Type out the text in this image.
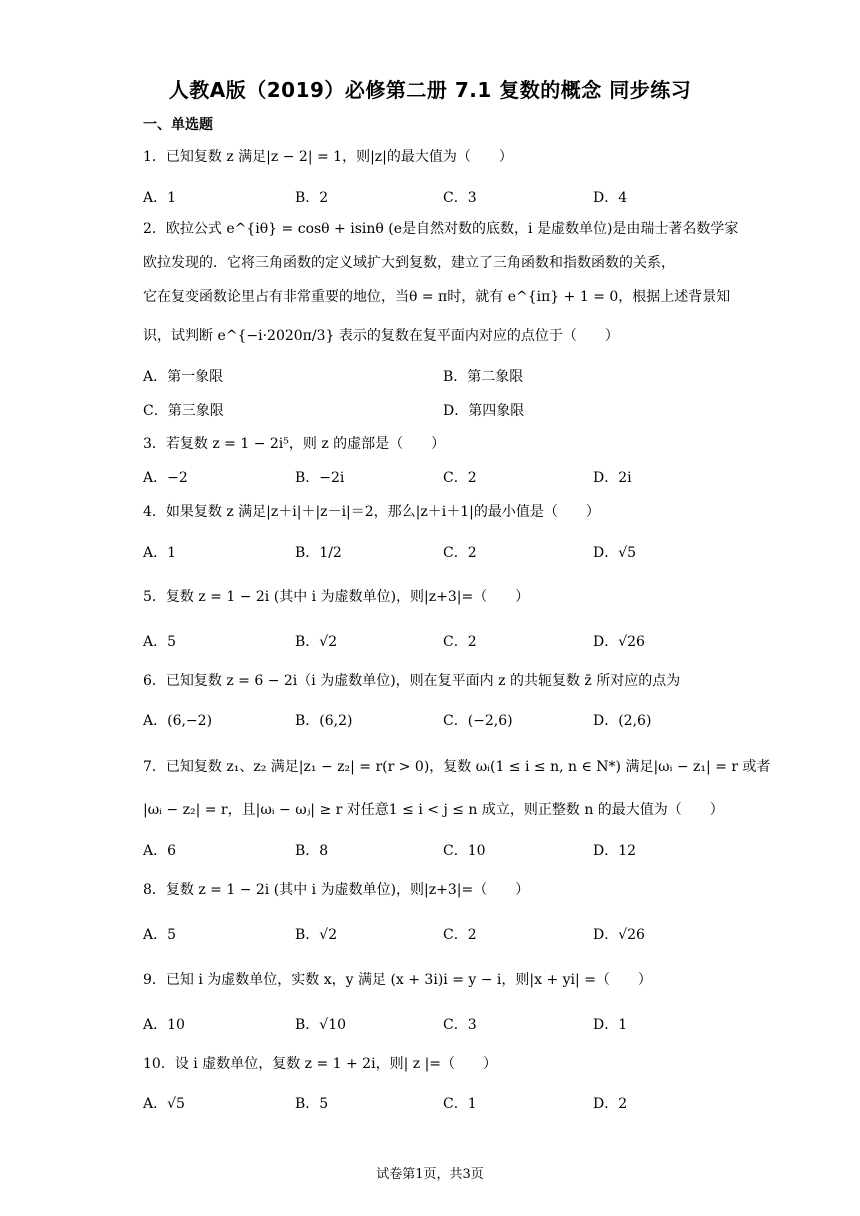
人教A版（2019）必修第二册 7.1 复数的概念 同步练习
一、单选题
1．已知复数 z 满足|z − 2| = 1，则|z|的最大值为（　　）
A．1	B．2	C．3	D．4
2．欧拉公式 e^{iθ} = cosθ + isinθ (e是自然对数的底数，i 是虚数单位)是由瑞士著名数学家
欧拉发现的．它将三角函数的定义域扩大到复数，建立了三角函数和指数函数的关系，
它在复变函数论里占有非常重要的地位，当θ = π时，就有 e^{iπ} + 1 = 0，根据上述背景知
识，试判断 e^{−i·2020π/3} 表示的复数在复平面内对应的点位于（　　）
A．第一象限	B．第二象限
C．第三象限	D．第四象限
3．若复数 z = 1 − 2i⁵，则 z 的虚部是（　　）
A．−2	B．−2i	C．2	D．2i
4．如果复数 z 满足|z＋i|＋|z－i|＝2，那么|z＋i＋1|的最小值是（　　）
A．1	B．1/2	C．2	D．√5
5．复数 z = 1 − 2i (其中 i 为虚数单位)，则|z+3|=（　　）
A．5	B．√2	C．2	D．√26
6．已知复数 z = 6 − 2i（i 为虚数单位)，则在复平面内 z 的共轭复数 z̄ 所对应的点为
A．(6,−2)	B．(6,2)	C．(−2,6)	D．(2,6)
7．已知复数 z₁、z₂ 满足|z₁ − z₂| = r(r > 0)，复数 ωᵢ(1 ≤ i ≤ n, n ∈ N*) 满足|ωᵢ − z₁| = r 或者
|ωᵢ − z₂| = r，且|ωᵢ − ωⱼ| ≥ r 对任意1 ≤ i < j ≤ n 成立，则正整数 n 的最大值为（　　）
A．6	B．8	C．10	D．12
8．复数 z = 1 − 2i (其中 i 为虚数单位)，则|z+3|=（　　）
A．5	B．√2	C．2	D．√26
9．已知 i 为虚数单位，实数 x，y 满足 (x + 3i)i = y − i，则|x + yi| =（　　）
A．10	B．√10	C．3	D．1
10．设 i 虚数单位，复数 z = 1 + 2i，则| z |=（　　）
A．√5	B．5	C．1	D．2
试卷第1页，共3页
